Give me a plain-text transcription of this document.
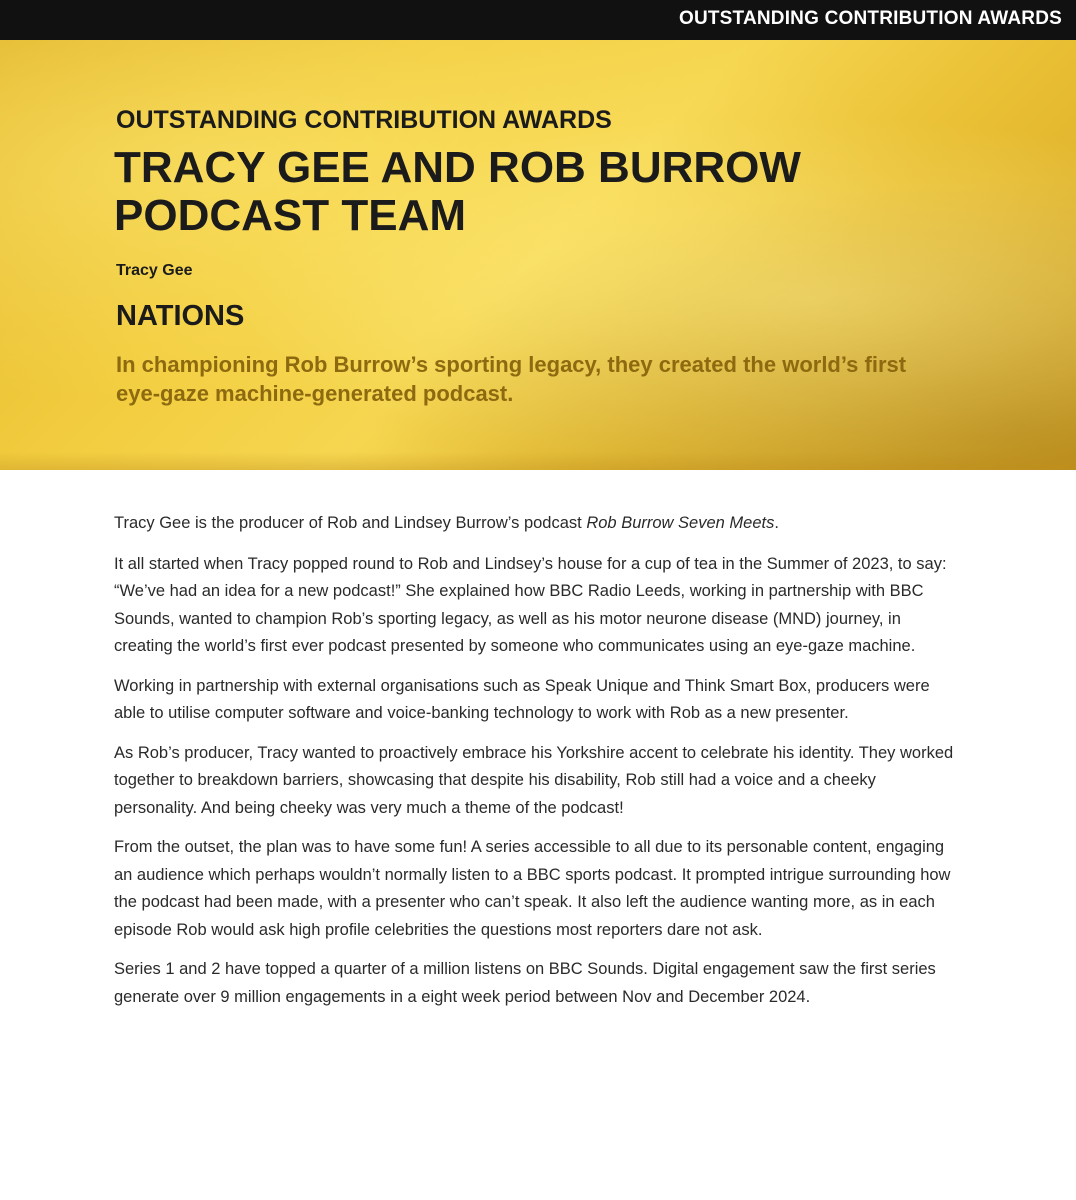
OUTSTANDING CONTRIBUTION AWARDS
OUTSTANDING CONTRIBUTION AWARDS
TRACY GEE AND ROB BURROW
PODCAST TEAM
Tracy Gee
NATIONS

In championing Rob Burrow’s sporting legacy, they created the world’s first eye-gaze machine-generated podcast.

Tracy Gee is the producer of Rob and Lindsey Burrow’s podcast Rob Burrow Seven Meets.

It all started when Tracy popped round to Rob and Lindsey’s house for a cup of tea in the Summer of 2023, to say: “We’ve had an idea for a new podcast!” She explained how BBC Radio Leeds, working in partnership with BBC Sounds, wanted to champion Rob’s sporting legacy, as well as his motor neurone disease (MND) journey, in creating the world’s first ever podcast presented by someone who communicates using an eye-gaze machine.

Working in partnership with external organisations such as Speak Unique and Think Smart Box, producers were able to utilise computer software and voice-banking technology to work with Rob as a new presenter.

As Rob’s producer, Tracy wanted to proactively embrace his Yorkshire accent to celebrate his identity. They worked together to breakdown barriers, showcasing that despite his disability, Rob still had a voice and a cheeky personality. And being cheeky was very much a theme of the podcast!

From the outset, the plan was to have some fun! A series accessible to all due to its personable content, engaging an audience which perhaps wouldn’t normally listen to a BBC sports podcast. It prompted intrigue surrounding how the podcast had been made, with a presenter who can’t speak. It also left the audience wanting more, as in each episode Rob would ask high profile celebrities the questions most reporters dare not ask.

Series 1 and 2 have topped a quarter of a million listens on BBC Sounds. Digital engagement saw the first series generate over 9 million engagements in a eight week period between Nov and December 2024.
